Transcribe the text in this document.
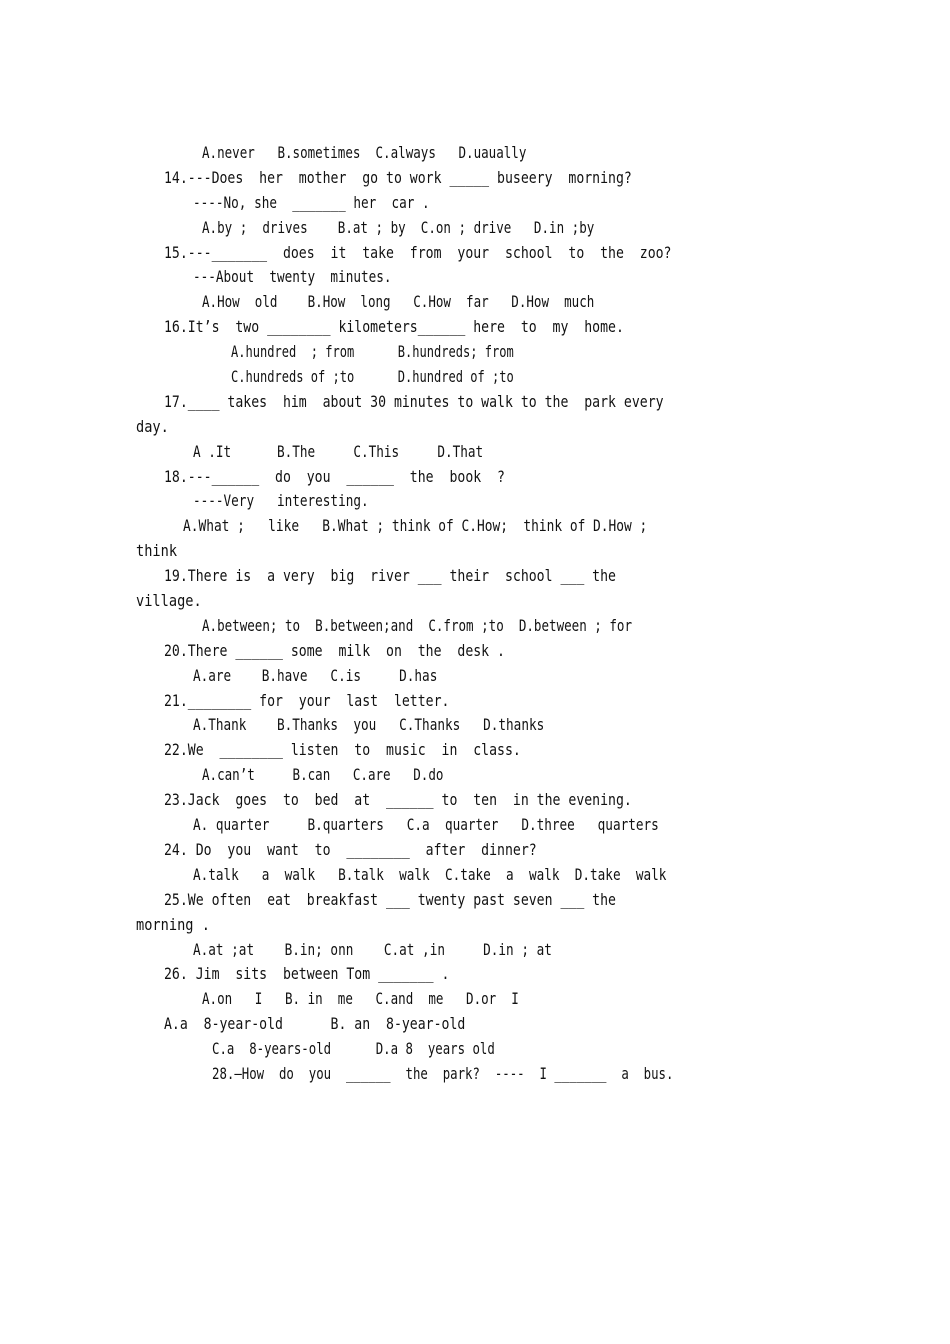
A.never   B.sometimes  C.always   D.uaually
14.---Does  her  mother  go to work _____ buseery  morning?
----No, she  _______ her  car .
A.by ;  drives    B.at ; by  C.on ; drive   D.in ;by
15.---_______  does  it  take  from  your  school  to  the  zoo?
---About  twenty  minutes.
A.How  old    B.How  long   C.How  far   D.How  much
16.It’s  two ________ kilometers______ here  to  my  home.
A.hundred  ; from      B.hundreds; from
C.hundreds of ;to      D.hundred of ;to
17.____ takes  him  about 30 minutes to walk to the  park every
day.
A .It      B.The     C.This     D.That
18.---______  do  you  ______  the  book  ?
----Very   interesting.
A.What ;   like   B.What ; think of C.How;  think of D.How ;
think
19.There is  a very  big  river ___ their  school ___ the
village.
A.between; to  B.between;and  C.from ;to  D.between ; for
20.There ______ some  milk  on  the  desk .
A.are    B.have   C.is     D.has
21.________ for  your  last  letter.
A.Thank    B.Thanks  you   C.Thanks   D.thanks
22.We  ________ listen  to  music  in  class.
A.can’t     B.can   C.are   D.do
23.Jack  goes  to  bed  at  ______ to  ten  in the evening.
A. quarter     B.quarters   C.a  quarter   D.three   quarters
24. Do  you  want  to  ________  after  dinner?
A.talk   a  walk   B.talk  walk  C.take  a  walk  D.take  walk
25.We often  eat  breakfast ___ twenty past seven ___ the
morning .
A.at ;at    B.in; onn    C.at ,in     D.in ; at
26. Jim  sits  between Tom _______ .
A.on   I   B. in  me   C.and  me   D.or  I
A.a  8-year-old      B. an  8-year-old
C.a  8-years-old      D.a 8  years old
28.—How  do  you  ______  the  park?  ----  I _______  a  bus.
